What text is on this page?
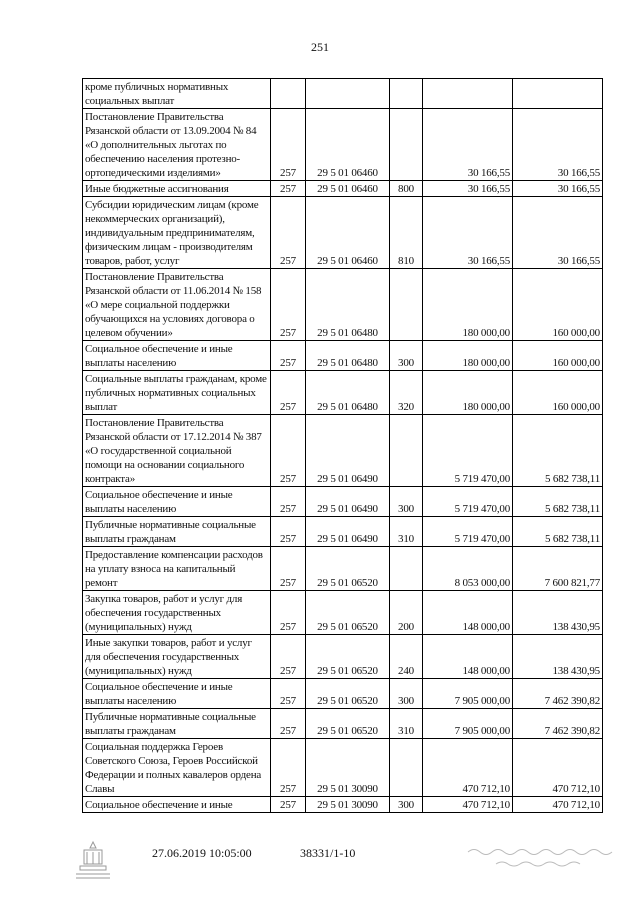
251
кроме публичных нормативных социальных выплат					
Постановление Правительства Рязанской области от 13.09.2004 № 84 «О дополнительных льготах по обеспечению населения протезно-ортопедическими изделиями»	257	29 5 01 06460		30 166,55	30 166,55
Иные бюджетные ассигнования	257	29 5 01 06460	800	30 166,55	30 166,55
Субсидии юридическим лицам (кроме некоммерческих организаций), индивидуальным предпринимателям, физическим лицам - производителям товаров, работ, услуг	257	29 5 01 06460	810	30 166,55	30 166,55
Постановление Правительства Рязанской области от 11.06.2014 № 158 «О мере социальной поддержки обучающихся на условиях договора о целевом обучении»	257	29 5 01 06480		180 000,00	160 000,00
Социальное обеспечение и иные выплаты населению	257	29 5 01 06480	300	180 000,00	160 000,00
Социальные выплаты гражданам, кроме публичных нормативных социальных выплат	257	29 5 01 06480	320	180 000,00	160 000,00
Постановление Правительства Рязанской области от 17.12.2014 № 387 «О государственной социальной помощи на основании социального контракта»	257	29 5 01 06490		5 719 470,00	5 682 738,11
Социальное обеспечение и иные выплаты населению	257	29 5 01 06490	300	5 719 470,00	5 682 738,11
Публичные нормативные социальные выплаты гражданам	257	29 5 01 06490	310	5 719 470,00	5 682 738,11
Предоставление компенсации расходов на уплату взноса на капитальный ремонт	257	29 5 01 06520		8 053 000,00	7 600 821,77
Закупка товаров, работ и услуг для обеспечения государственных (муниципальных) нужд	257	29 5 01 06520	200	148 000,00	138 430,95
Иные закупки товаров, работ и услуг для обеспечения государственных (муниципальных) нужд	257	29 5 01 06520	240	148 000,00	138 430,95
Социальное обеспечение и иные выплаты населению	257	29 5 01 06520	300	7 905 000,00	7 462 390,82
Публичные нормативные социальные выплаты гражданам	257	29 5 01 06520	310	7 905 000,00	7 462 390,82
Социальная поддержка Героев Советского Союза, Героев Российской Федерации и полных кавалеров ордена Славы	257	29 5 01 30090		470 712,10	470 712,10
Социальное обеспечение и иные	257	29 5 01 30090	300	470 712,10	470 712,10
27.06.2019 10:05:00	38331/1-10
